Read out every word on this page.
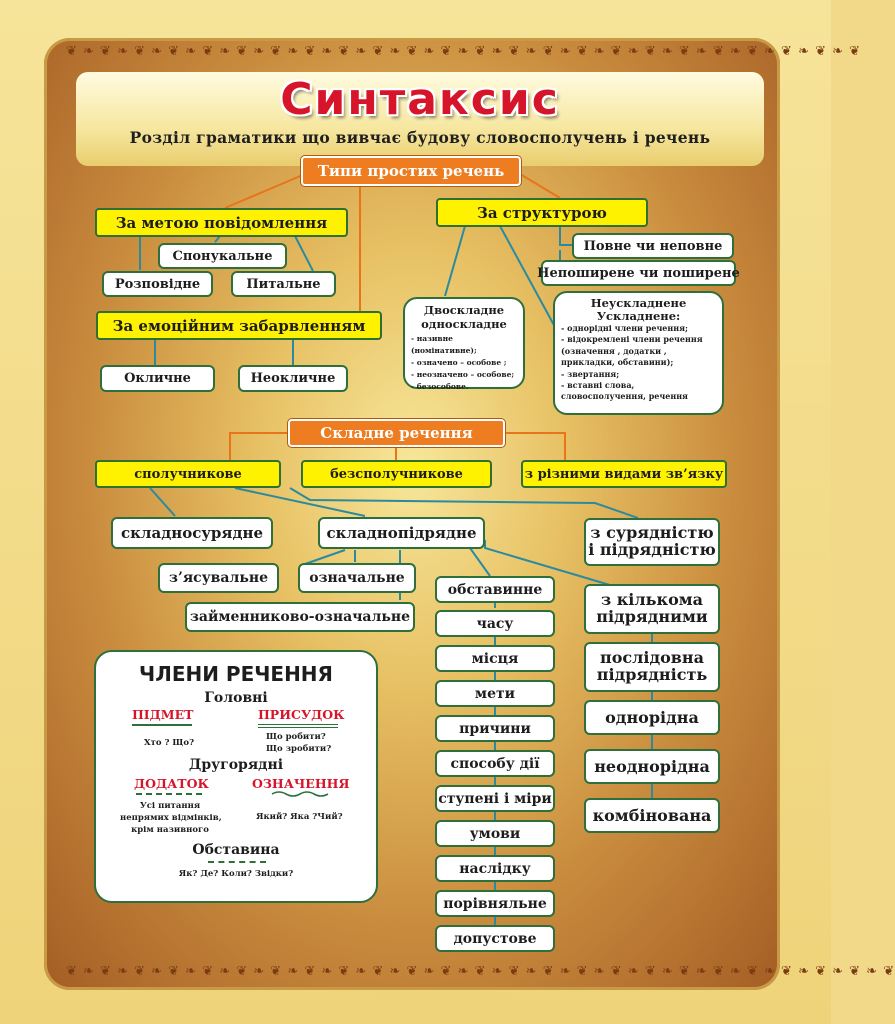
❦ ❧ ❦ ❧ ❦ ❧ ❦ ❧ ❦ ❧ ❦ ❧ ❦ ❧ ❦ ❧ ❦ ❧ ❦ ❧ ❦ ❧ ❦ ❧ ❦ ❧ ❦ ❧ ❦ ❧ ❦ ❧ ❦ ❧ ❦ ❧ ❦ ❧ ❦ ❧ ❦ ❧ ❦ ❧ ❦ ❧ ❦
❦ ❧ ❦ ❧ ❦ ❧ ❦ ❧ ❦ ❧ ❦ ❧ ❦ ❧ ❦ ❧ ❦ ❧ ❦ ❧ ❦ ❧ ❦ ❧ ❦ ❧ ❦ ❧ ❦ ❧ ❦ ❧ ❦ ❧ ❦ ❧ ❦ ❧ ❦ ❧ ❦ ❧ ❦ ❧ ❦ ❧ ❦ ❧ ❦
Синтаксис
Розділ граматики що вивчає будову словосполучень і речень
Типи простих речень
За метою повідомлення
Спонукальне
Розповідне	Питальне
За емоційним забарвленням
Окличне	Неокличне
За структурою
Повне чи неповне
Непоширене чи поширене
Двоскладне
односкладне
- називне (номінативне);
- означено – особове ;
- неозначено – особове;
- безособове.
Неускладнене
Ускладнене:
- однорідні члени речення;
- відокремлені члени речення
(означення , додатки ,
прикладки, обставини);
- звертання;
- вставні слова,
словосполучення, речення
Складне речення
сполучникове	безсполучникове	з різними видами зв’язку
складносурядне	складнопідрядне
з’ясувальне	означальне
займенниково-означальне
обставинне
часу
місця
мети
причини
способу дії
ступені і міри
умови
наслідку
порівняльне
допустове
з сурядністю
і підрядністю
з кількома
підрядними
послідовна
підрядність
однорідна
неоднорідна
комбінована
ЧЛЕНИ РЕЧЕННЯ
Головні
ПІДМЕТ
Хто ? Що?
ПРИСУДОК
Що робити?
Що зробити?
Другорядні
ДОДАТОК
Усі питання
непрямих відмінків,
крім називного
ОЗНАЧЕННЯ
Який? Яка ?Чий?
Обставина
Як? Де? Коли? Звідки?
